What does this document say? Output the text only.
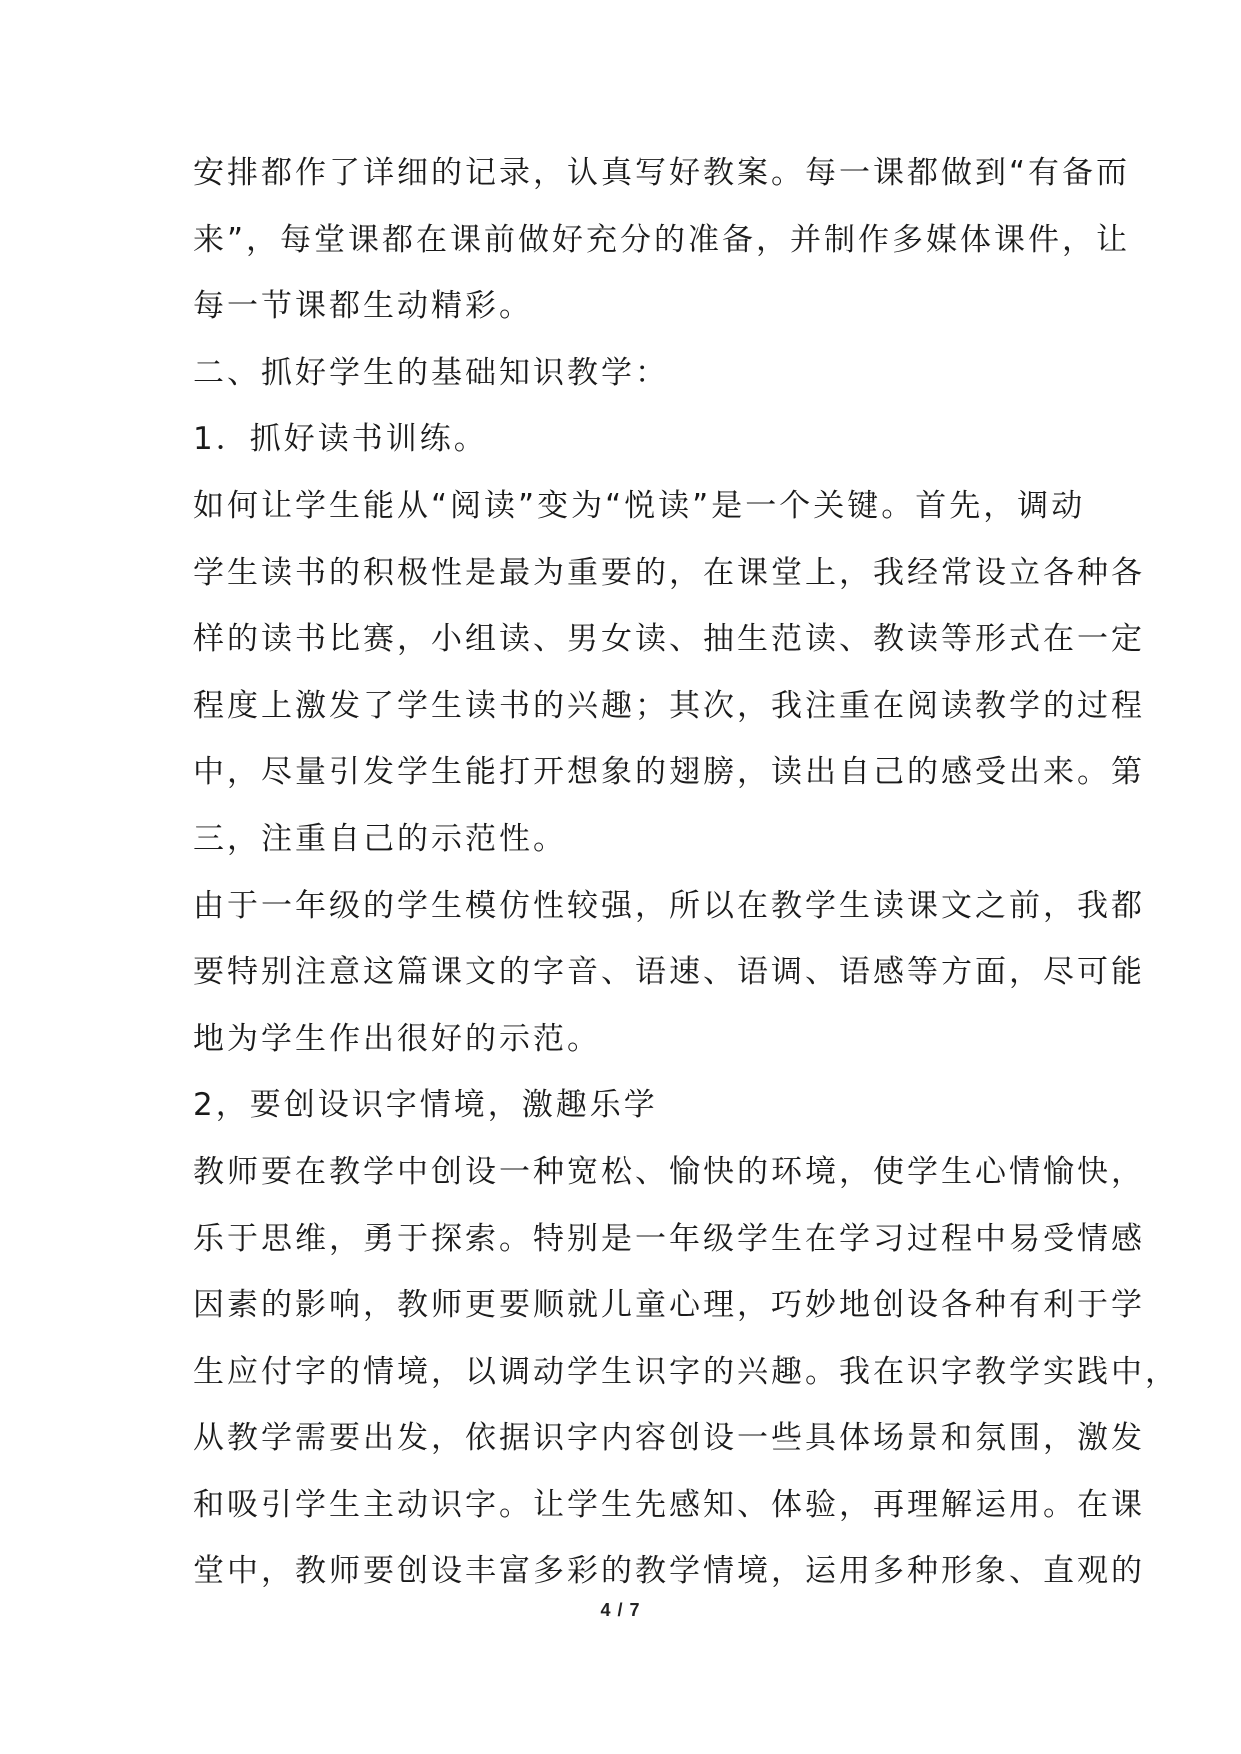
安排都作了详细的记录，认真写好教案。每一课都做到“有备而
来”，每堂课都在课前做好充分的准备，并制作多媒体课件，让
每一节课都生动精彩。
二、抓好学生的基础知识教学：
1．抓好读书训练。
如何让学生能从“阅读”变为“悦读”是一个关键。首先，调动
学生读书的积极性是最为重要的，在课堂上，我经常设立各种各
样的读书比赛，小组读、男女读、抽生范读、教读等形式在一定
程度上激发了学生读书的兴趣；其次，我注重在阅读教学的过程
中，尽量引发学生能打开想象的翅膀，读出自己的感受出来。第
三，注重自己的示范性。
由于一年级的学生模仿性较强，所以在教学生读课文之前，我都
要特别注意这篇课文的字音、语速、语调、语感等方面，尽可能
地为学生作出很好的示范。
2，要创设识字情境，激趣乐学
教师要在教学中创设一种宽松、愉快的环境，使学生心情愉快，
乐于思维，勇于探索。特别是一年级学生在学习过程中易受情感
因素的影响，教师更要顺就儿童心理，巧妙地创设各种有利于学
生应付字的情境，以调动学生识字的兴趣。我在识字教学实践中，
从教学需要出发，依据识字内容创设一些具体场景和氛围，激发
和吸引学生主动识字。让学生先感知、体验，再理解运用。在课
堂中，教师要创设丰富多彩的教学情境，运用多种形象、直观的
4 / 7
